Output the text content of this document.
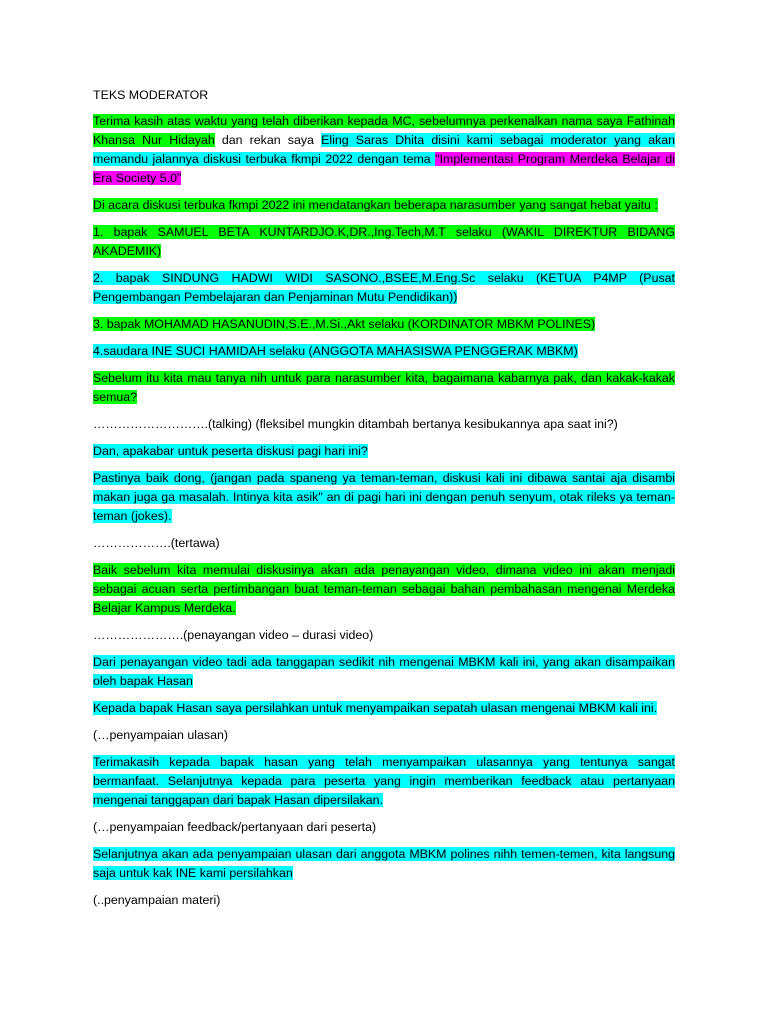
TEKS MODERATOR

Terima kasih atas waktu yang telah diberikan kepada MC, sebelumnya perkenalkan nama saya Fathinah Khansa Nur Hidayah dan rekan saya Eling Saras Dhita disini kami sebagai moderator yang akan memandu jalannya diskusi terbuka fkmpi 2022 dengan tema "Implementasi Program Merdeka Belajar di Era Society 5.0"

Di acara diskusi terbuka fkmpi 2022 ini mendatangkan beberapa narasumber yang sangat hebat yaitu :

1. bapak SAMUEL BETA KUNTARDJO.K,DR.,Ing.Tech,M.T selaku (WAKIL DIREKTUR BIDANG AKADEMIK)

2. bapak SINDUNG HADWI WIDI SASONO.,BSEE,M.Eng.Sc selaku (KETUA P4MP (Pusat Pengembangan Pembelajaran dan Penjaminan Mutu Pendidikan))

3. bapak MOHAMAD HASANUDIN,S.E.,M.Si.,Akt selaku (KORDINATOR MBKM POLINES)

4.saudara INE SUCI HAMIDAH selaku (ANGGOTA MAHASISWA PENGGERAK MBKM)

Sebelum itu kita mau tanya nih untuk para narasumber kita, bagaimana kabarnya pak, dan kakak-kakak semua?

……………………….(talking) (fleksibel mungkin ditambah bertanya kesibukannya apa saat ini?)

Dan, apakabar untuk peserta diskusi pagi hari ini?

Pastinya baik dong, (jangan pada spaneng ya teman-teman, diskusi kali ini dibawa santai aja disambi makan juga ga masalah. Intinya kita asik" an di pagi hari ini dengan penuh senyum, otak rileks ya teman-teman (jokes).

……………….(tertawa)

Baik sebelum kita memulai diskusinya akan ada penayangan video, dimana video ini akan menjadi sebagai acuan serta pertimbangan buat teman-teman sebagai bahan pembahasan mengenai Merdeka Belajar Kampus Merdeka.

………………….(penayangan video – durasi video)

Dari penayangan video tadi ada tanggapan sedikit nih mengenai MBKM kali ini, yang akan disampaikan oleh bapak Hasan

Kepada bapak Hasan saya persilahkan untuk menyampaikan sepatah ulasan mengenai MBKM kali ini.

(…penyampaian ulasan)

Terimakasih kepada bapak hasan yang telah menyampaikan ulasannya yang tentunya sangat bermanfaat. Selanjutnya kepada para peserta yang ingin memberikan feedback atau pertanyaan mengenai tanggapan dari bapak Hasan dipersilakan.

(…penyampaian feedback/pertanyaan dari peserta)

Selanjutnya akan ada penyampaian ulasan dari anggota MBKM polines nihh temen-temen, kita langsung saja untuk kak INE kami persilahkan

(..penyampaian materi)
